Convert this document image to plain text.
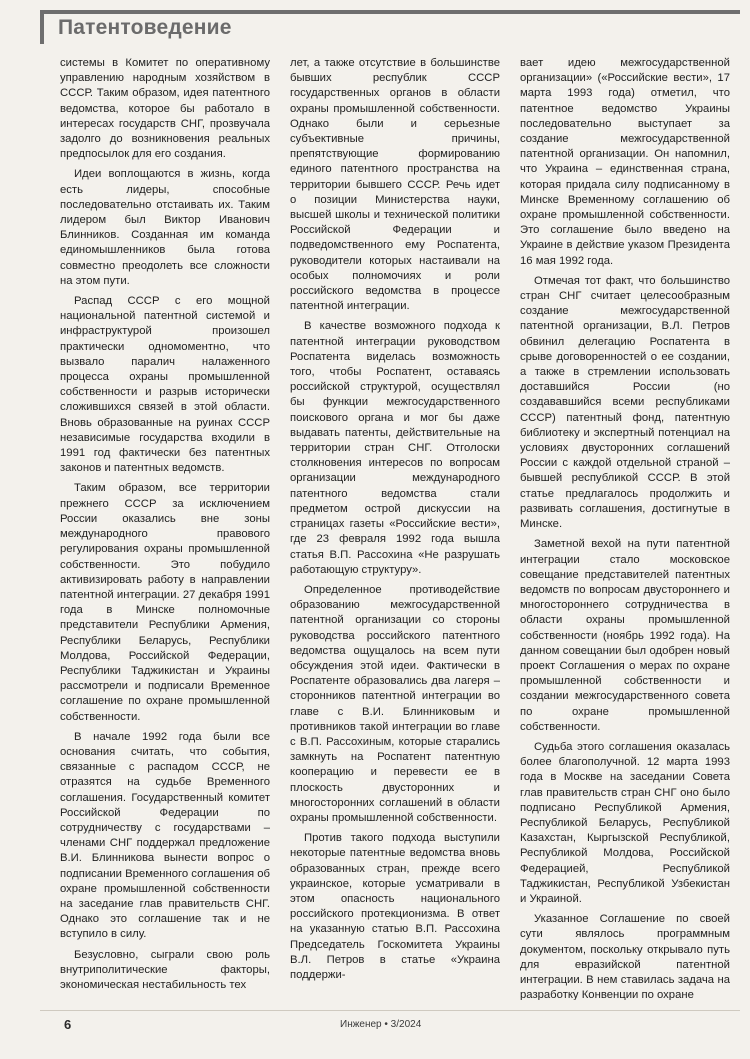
Патентоведение

системы в Комитет по оперативному управлению народным хозяйством в СССР. Таким образом, идея патентного ведомства, которое бы работало в интересах государств СНГ, прозвучала задолго до возникновения реальных предпосылок для его создания.

Идеи воплощаются в жизнь, когда есть лидеры, способные последовательно отстаивать их. Таким лидером был Виктор Иванович Блинников. Созданная им команда единомышленников была готова совместно преодолеть все сложности на этом пути.

Распад СССР с его мощной национальной патентной системой и инфраструктурой произошел практически одномоментно, что вызвало паралич налаженного процесса охраны промышленной собственности и разрыв исторически сложившихся связей в этой области. Вновь образованные на руинах СССР независимые государства входили в 1991 год фактически без патентных законов и патентных ведомств.

Таким образом, все территории прежнего СССР за исключением России оказались вне зоны международного правового регулирования охраны промышленной собственности. Это побудило активизировать работу в направлении патентной интеграции. 27 декабря 1991 года в Минске полномочные представители Республики Армения, Республики Беларусь, Республики Молдова, Российской Федерации, Республики Таджикистан и Украины рассмотрели и подписали Временное соглашение по охране промышленной собственности.

В начале 1992 года были все основания считать, что события, связанные с распадом СССР, не отразятся на судьбе Временного соглашения. Государственный комитет Российской Федерации по сотрудничеству с государствами – членами СНГ поддержал предложение В.И. Блинникова вынести вопрос о подписании Временного соглашения об охране промышленной собственности на заседание глав правительств СНГ. Однако это соглашение так и не вступило в силу.

Безусловно, сыграли свою роль внутриполитические факторы, экономическая нестабильность тех

лет, а также отсутствие в большинстве бывших республик СССР государственных органов в области охраны промышленной собственности. Однако были и серьезные субъективные причины, препятствующие формированию единого патентного пространства на территории бывшего СССР. Речь идет о позиции Министерства науки, высшей школы и технической политики Российской Федерации и подведомственного ему Роспатента, руководители которых настаивали на особых полномочиях и роли российского ведомства в процессе патентной интеграции.

В качестве возможного подхода к патентной интеграции руководством Роспатента виделась возможность того, чтобы Роспатент, оставаясь российской структурой, осуществлял бы функции межгосударственного поискового органа и мог бы даже выдавать патенты, действительные на территории стран СНГ. Отголоски столкновения интересов по вопросам организации международного патентного ведомства стали предметом острой дискуссии на страницах газеты «Российские вести», где 23 февраля 1992 года вышла статья В.П. Рассохина «Не разрушать работающую структуру».

Определенное противодействие образованию межгосударственной патентной организации со стороны руководства российского патентного ведомства ощущалось на всем пути обсуждения этой идеи. Фактически в Роспатенте образовались два лагеря – сторонников патентной интеграции во главе с В.И. Блинниковым и противников такой интеграции во главе с В.П. Рассохиным, которые старались замкнуть на Роспатент патентную кооперацию и перевести ее в плоскость двусторонних и многосторонних соглашений в области охраны промышленной собственности.

Против такого подхода выступили некоторые патентные ведомства вновь образованных стран, прежде всего украинское, которые усматривали в этом опасность национального российского протекционизма. В ответ на указанную статью В.П. Рассохина Председатель Госкомитета Украины В.Л. Петров в статье «Украина поддержи-

вает идею межгосударственной организации» («Российские вести», 17 марта 1993 года) отметил, что патентное ведомство Украины последовательно выступает за создание межгосударственной патентной организации. Он напомнил, что Украина – единственная страна, которая придала силу подписанному в Минске Временному соглашению об охране промышленной собственности. Это соглашение было введено на Украине в действие указом Президента 16 мая 1992 года.

Отмечая тот факт, что большинство стран СНГ считает целесообразным создание межгосударственной патентной организации, В.Л. Петров обвинил делегацию Роспатента в срыве договоренностей о ее создании, а также в стремлении использовать доставшийся России (но создававшийся всеми республиками СССР) патентный фонд, патентную библиотеку и экспертный потенциал на условиях двусторонних соглашений России с каждой отдельной страной – бывшей республикой СССР. В этой статье предлагалось продолжить и развивать соглашения, достигнутые в Минске.

Заметной вехой на пути патентной интеграции стало московское совещание представителей патентных ведомств по вопросам двустороннего и многостороннего сотрудничества в области охраны промышленной собственности (ноябрь 1992 года). На данном совещании был одобрен новый проект Соглашения о мерах по охране промышленной собственности и создании межгосударственного совета по охране промышленной собственности.

Судьба этого соглашения оказалась более благополучной. 12 марта 1993 года в Москве на заседании Совета глав правительств стран СНГ оно было подписано Республикой Армения, Республикой Беларусь, Республикой Казахстан, Кыргызской Республикой, Республикой Молдова, Российской Федерацией, Республикой Таджикистан, Республикой Узбекистан и Украиной.

Указанное Соглашение по своей сути являлось программным документом, поскольку открывало путь для евразийской патентной интеграции. В нем ставилась задача на разработку Конвенции по охране

6	Инженер • 3/2024
